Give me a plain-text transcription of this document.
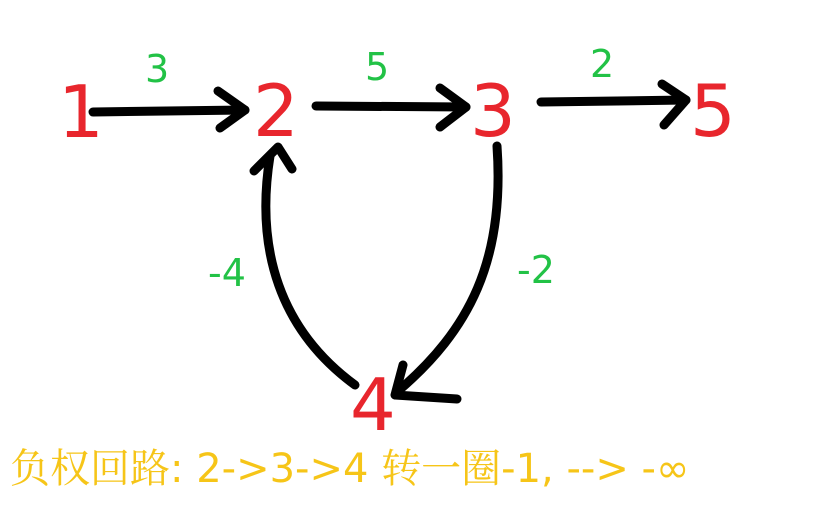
1 2 3
4
5
3	5	2
-2
-4
负权回路: 2->3->4 转一圈-1, --> -∞
